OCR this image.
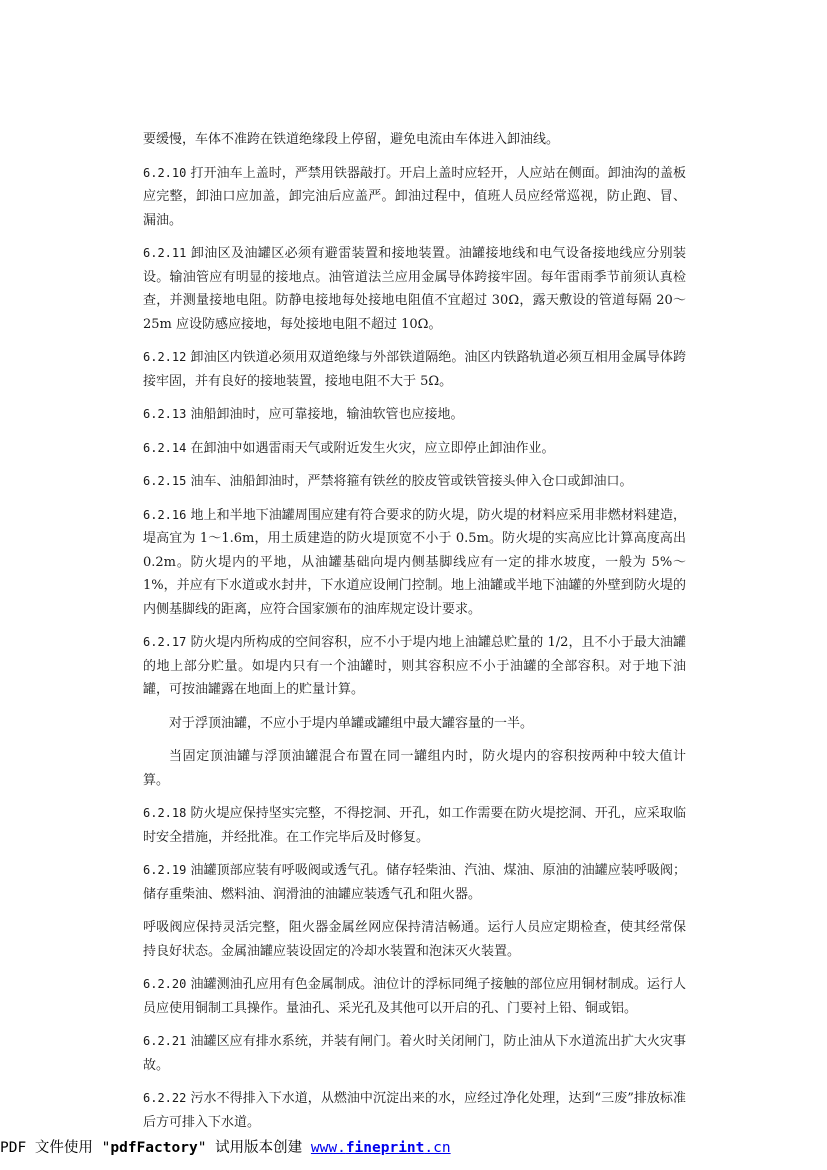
要缓慢，车体不准跨在铁道绝缘段上停留，避免电流由车体进入卸油线。

6.2.10 打开油车上盖时，严禁用铁器敲打。开启上盖时应轻开，人应站在侧面。卸油沟的盖板应完整，卸油口应加盖，卸完油后应盖严。卸油过程中，值班人员应经常巡视，防止跑、冒、漏油。

6.2.11 卸油区及油罐区必须有避雷装置和接地装置。油罐接地线和电气设备接地线应分别装设。输油管应有明显的接地点。油管道法兰应用金属导体跨接牢固。每年雷雨季节前须认真检查，并测量接地电阻。防静电接地每处接地电阻值不宜超过 30Ω，露天敷设的管道每隔 20～25m 应设防感应接地，每处接地电阻不超过 10Ω。

6.2.12 卸油区内铁道必须用双道绝缘与外部铁道隔绝。油区内铁路轨道必须互相用金属导体跨接牢固，并有良好的接地装置，接地电阻不大于 5Ω。

6.2.13 油船卸油时，应可靠接地，输油软管也应接地。

6.2.14 在卸油中如遇雷雨天气或附近发生火灾，应立即停止卸油作业。

6.2.15 油车、油船卸油时，严禁将箍有铁丝的胶皮管或铁管接头伸入仓口或卸油口。

6.2.16 地上和半地下油罐周围应建有符合要求的防火堤，防火堤的材料应采用非燃材料建造，堤高宜为 1～1.6m，用土质建造的防火堤顶宽不小于 0.5m。防火堤的实高应比计算高度高出 0.2m。防火堤内的平地，从油罐基础向堤内侧基脚线应有一定的排水坡度，一般为 5%～1%，并应有下水道或水封井，下水道应设闸门控制。地上油罐或半地下油罐的外壁到防火堤的内侧基脚线的距离，应符合国家颁布的油库规定设计要求。

6.2.17 防火堤内所构成的空间容积，应不小于堤内地上油罐总贮量的 1/2，且不小于最大油罐的地上部分贮量。如堤内只有一个油罐时，则其容积应不小于油罐的全部容积。对于地下油罐，可按油罐露在地面上的贮量计算。

对于浮顶油罐，不应小于堤内单罐或罐组中最大罐容量的一半。

当固定顶油罐与浮顶油罐混合布置在同一罐组内时，防火堤内的容积按两种中较大值计算。

6.2.18 防火堤应保持坚实完整，不得挖洞、开孔，如工作需要在防火堤挖洞、开孔，应采取临时安全措施，并经批准。在工作完毕后及时修复。

6.2.19 油罐顶部应装有呼吸阀或透气孔。储存轻柴油、汽油、煤油、原油的油罐应装呼吸阀；储存重柴油、燃料油、润滑油的油罐应装透气孔和阻火器。

呼吸阀应保持灵活完整，阻火器金属丝网应保持清洁畅通。运行人员应定期检查，使其经常保持良好状态。金属油罐应装设固定的冷却水装置和泡沫灭火装置。

6.2.20 油罐测油孔应用有色金属制成。油位计的浮标同绳子接触的部位应用铜材制成。运行人员应使用铜制工具操作。量油孔、采光孔及其他可以开启的孔、门要衬上铅、铜或铝。

6.2.21 油罐区应有排水系统，并装有闸门。着火时关闭闸门，防止油从下水道流出扩大火灾事故。

6.2.22 污水不得排入下水道，从燃油中沉淀出来的水，应经过净化处理，达到“三废”排放标准后方可排入下水道。

PDF 文件使用 "pdfFactory" 试用版本创建 www.fineprint.cn
